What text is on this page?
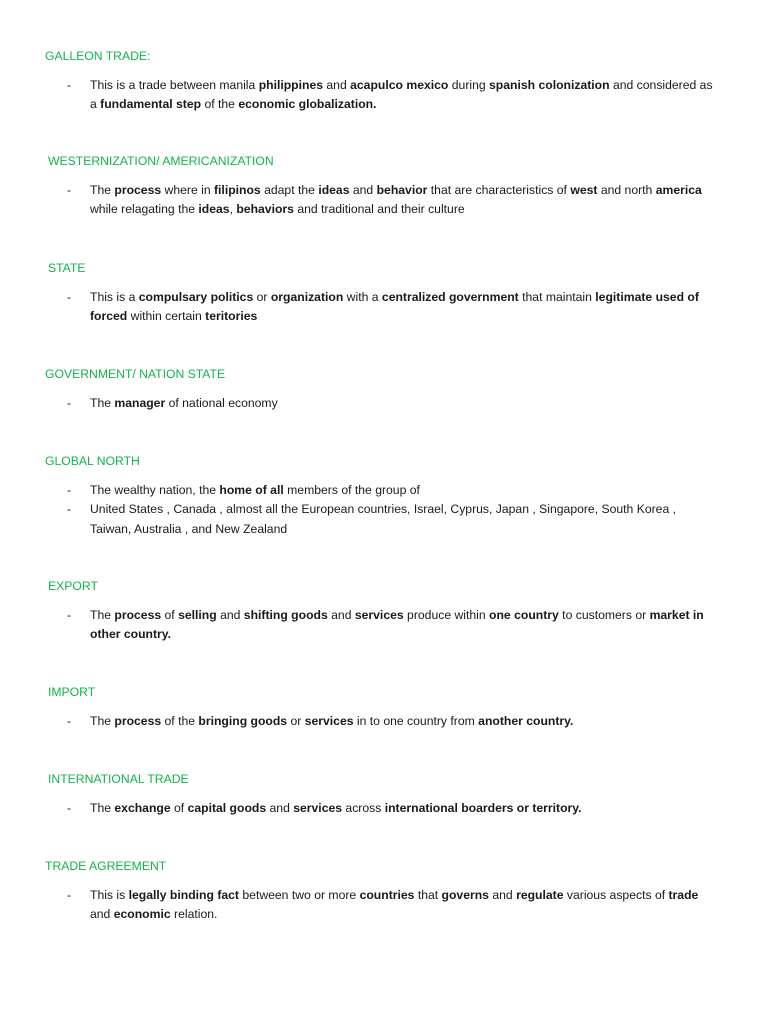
GALLEON TRADE:
- This is a trade between manila philippines and acapulco mexico during spanish colonization and considered as a fundamental step of the economic globalization.
WESTERNIZATION/ AMERICANIZATION
- The process where in filipinos adapt the ideas and behavior that are characteristics of west and north america while relagating the ideas, behaviors and traditional and their culture
STATE
- This is a compulsary politics or organization with a centralized government that maintain legitimate used of forced within certain teritories
GOVERNMENT/ NATION STATE
- The manager of national economy
GLOBAL NORTH
- The wealthy nation, the home of all members of the group of
- United States , Canada , almost all the European countries, Israel, Cyprus, Japan , Singapore, South Korea , Taiwan, Australia , and New Zealand
EXPORT
- The process of selling and shifting goods and services produce within one country to customers or market in other country.
IMPORT
- The process of the bringing goods or services in to one country from another country.
INTERNATIONAL TRADE
- The exchange of capital goods and services across international boarders or territory.
TRADE AGREEMENT
- This is legally binding fact between two or more countries that governs and regulate various aspects of trade and economic relation.
